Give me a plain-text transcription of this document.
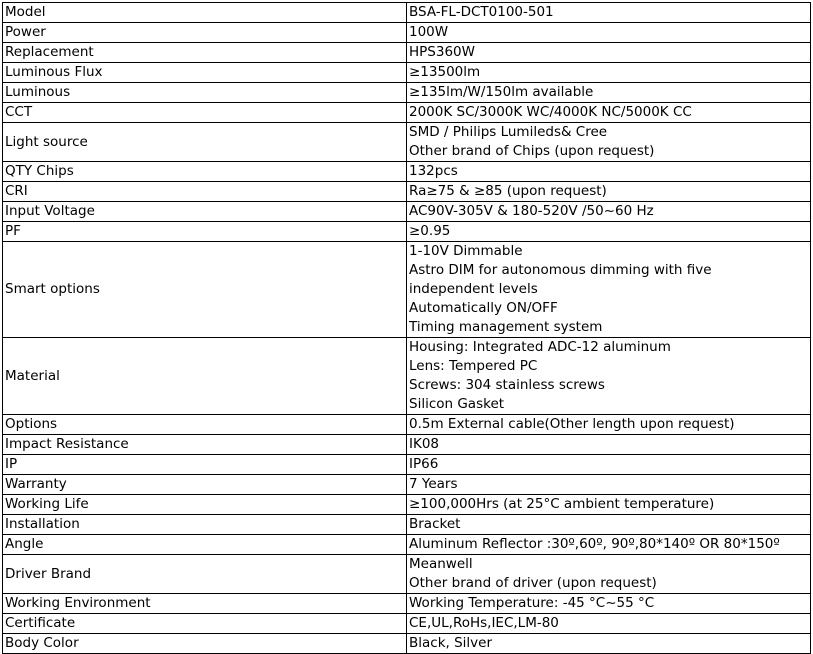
Model	BSA-FL-DCT0100-501

Power	100W

Replacement	HPS360W

Luminous Flux	≥13500lm

Luminous	≥135lm/W/150lm available

CCT	2000K SC/3000K WC/4000K NC/5000K CC

Light source	SMD / Philips Lumileds& Cree
Other brand of Chips (upon request)

QTY Chips	132pcs

CRI	Ra≥75 & ≥85 (upon request)

Input Voltage	AC90V-305V & 180-520V /50~60 Hz

PF	≥0.95

Smart options	1-10V Dimmable
Astro DIM for autonomous dimming with five
independent levels
Automatically ON/OFF
Timing management system

Material	Housing: Integrated ADC-12 aluminum
Lens: Tempered PC
Screws: 304 stainless screws
Silicon Gasket

Options	0.5m External cable(Other length upon request)

Impact Resistance	IK08

IP	IP66

Warranty	7 Years

Working Life	≥100,000Hrs (at 25°C ambient temperature)

Installation	Bracket

Angle	Aluminum Reflector :30º,60º, 90º,80*140º OR 80*150º

Driver Brand	Meanwell
Other brand of driver (upon request)

Working Environment	Working Temperature: -45 °C~55 °C

Certificate	CE,UL,RoHs,IEC,LM-80

Body Color	Black, Silver
